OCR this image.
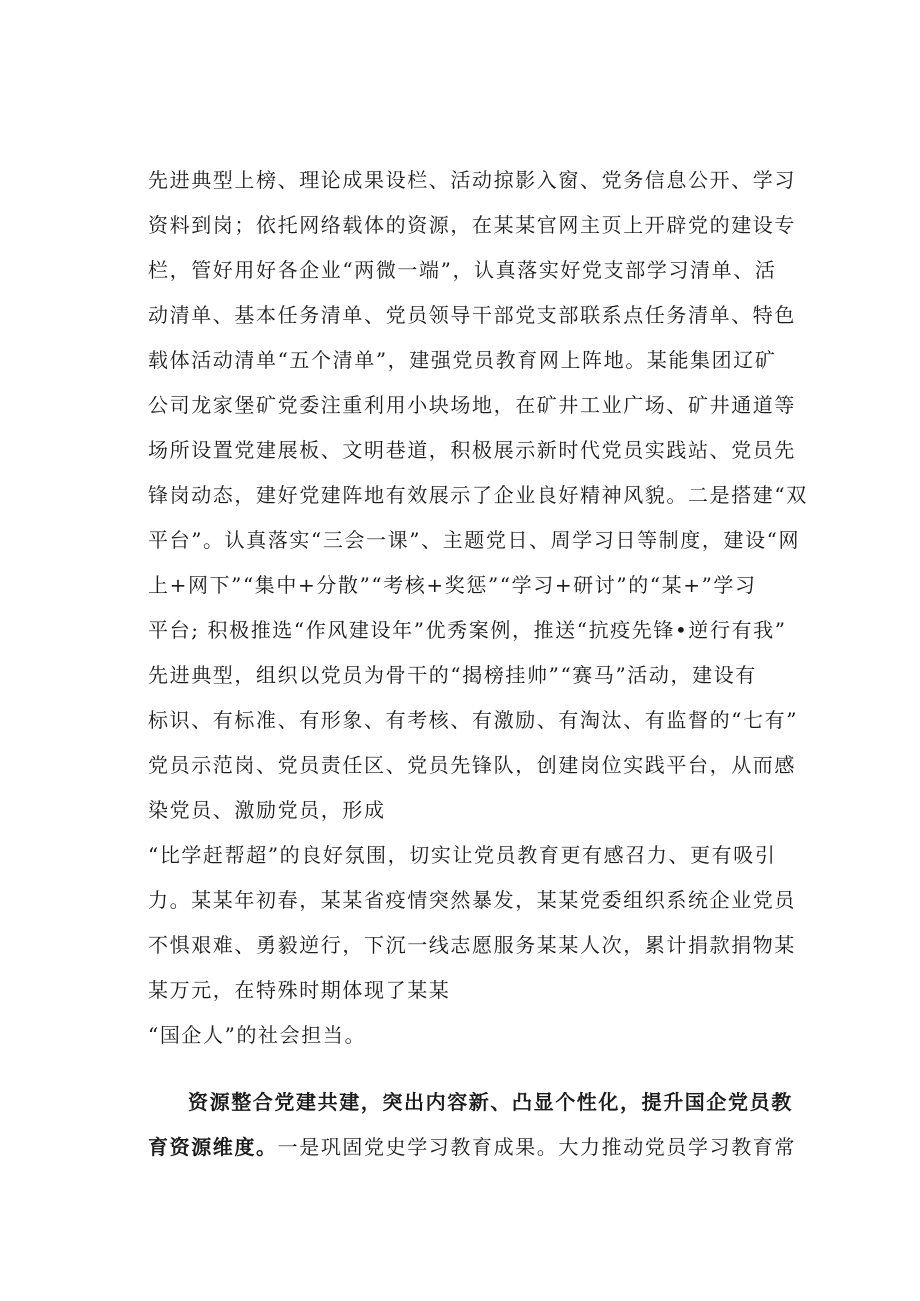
先进典型上榜、理论成果设栏、活动掠影入窗、党务信息公开、学习
资料到岗；依托网络载体的资源，在某某官网主页上开辟党的建设专
栏，管好用好各企业“两微一端”，认真落实好党支部学习清单、活
动清单、基本任务清单、党员领导干部党支部联系点任务清单、特色
载体活动清单“五个清单”，建强党员教育网上阵地。某能集团辽矿
公司龙家堡矿党委注重利用小块场地，在矿井工业广场、矿井通道等
场所设置党建展板、文明巷道，积极展示新时代党员实践站、党员先
锋岗动态，建好党建阵地有效展示了企业良好精神风貌。二是搭建“双
平台”。认真落实“三会一课”、主题党日、周学习日等制度，建设“网
上+网下”“集中+分散”“考核+奖惩”“学习+研讨”的“某+”学习
平台; 积极推选“作风建设年”优秀案例，推送“抗疫先锋•逆行有我”
先进典型，组织以党员为骨干的“揭榜挂帅”“赛马”活动，建设有
标识、有标准、有形象、有考核、有激励、有淘汰、有监督的“七有”
党员示范岗、党员责任区、党员先锋队，创建岗位实践平台，从而感
染党员、激励党员，形成
“比学赶帮超”的良好氛围，切实让党员教育更有感召力、更有吸引
力。某某年初春，某某省疫情突然暴发，某某党委组织系统企业党员
不惧艰难、勇毅逆行，下沉一线志愿服务某某人次，累计捐款捐物某
某万元，在特殊时期体现了某某
“国企人”的社会担当。
资源整合党建共建，突出内容新、凸显个性化，提升国企党员教
育资源维度。一是巩固党史学习教育成果。大力推动党员学习教育常
